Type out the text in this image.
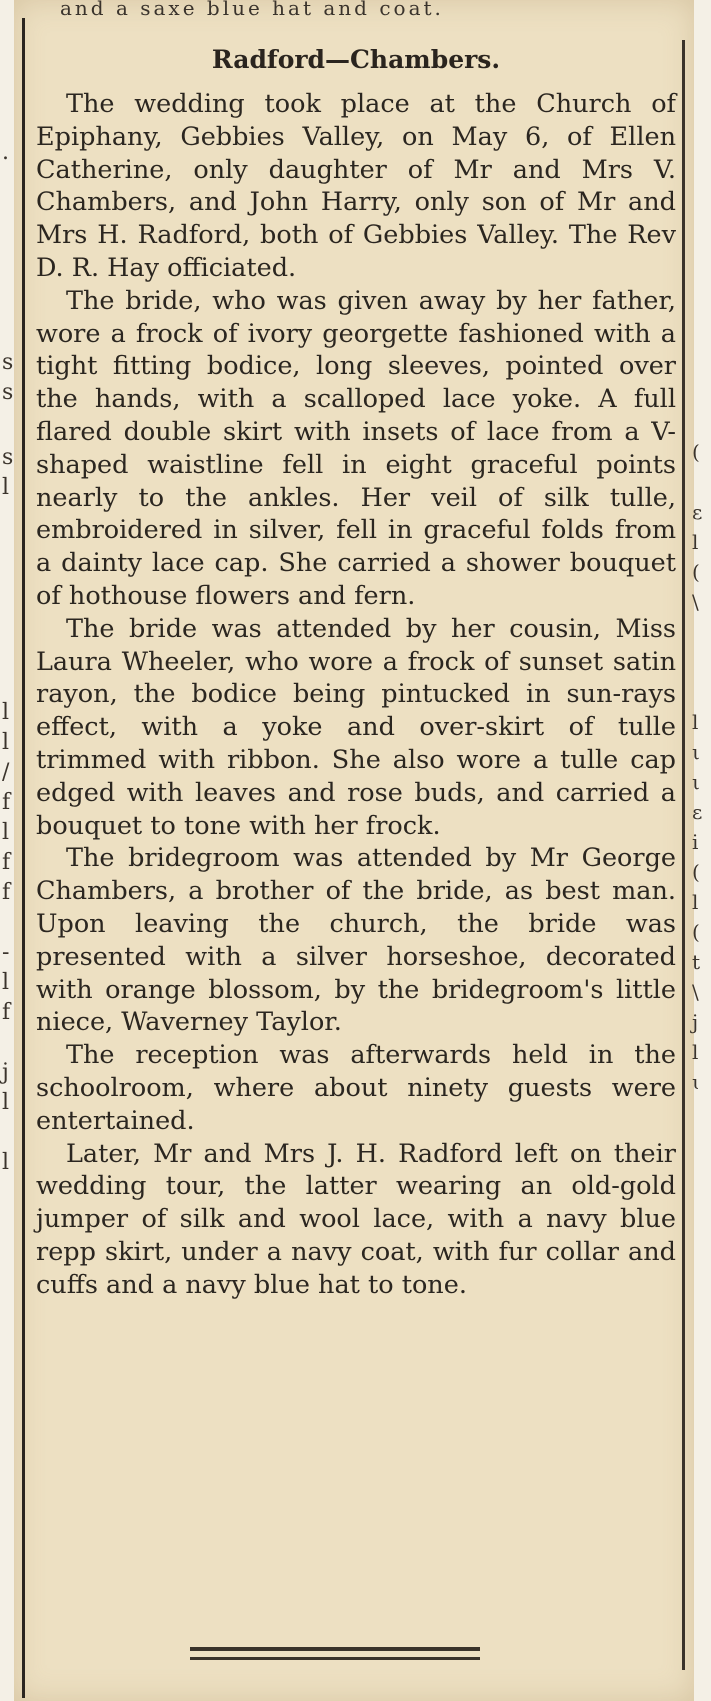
and a saxe blue hat and coat.
.
s
s
s
l
l
l
/
f
l
f
f
-
l
f
j
l
l
(
ε
l
(
\
l
ι
ι
ɛ
i
(
l
(
t
\
j
l
ɩ
Radford—Chambers.

The wedding took place at the Church of Epiphany, Gebbies Valley, on May 6, of Ellen Catherine, only daughter of Mr and Mrs V. Chambers, and John Harry, only son of Mr and Mrs H. Radford, both of Gebbies Valley. The Rev D. R. Hay officiated.

The bride, who was given away by her father, wore a frock of ivory georgette fashioned with a tight fitting bodice, long sleeves, pointed over the hands, with a scalloped lace yoke. A full flared double skirt with insets of lace from a V-shaped waistline fell in eight graceful points nearly to the ankles. Her veil of silk tulle, embroidered in silver, fell in graceful folds from a dainty lace cap. She carried a shower bouquet of hothouse flowers and fern.

The bride was attended by her cousin, Miss Laura Wheeler, who wore a frock of sunset satin rayon, the bodice being pintucked in sun-rays effect, with a yoke and over-skirt of tulle trimmed with ribbon. She also wore a tulle cap edged with leaves and rose buds, and carried a bouquet to tone with her frock.

The bridegroom was attended by Mr George Chambers, a brother of the bride, as best man. Upon leaving the church, the bride was presented with a silver horseshoe, decorated with orange blossom, by the bridegroom's little niece, Waverney Taylor.

The reception was afterwards held in the schoolroom, where about ninety guests were entertained.

Later, Mr and Mrs J. H. Radford left on their wedding tour, the latter wearing an old-gold jumper of silk and wool lace, with a navy blue repp skirt, under a navy coat, with fur collar and cuffs and a navy blue hat to tone.
